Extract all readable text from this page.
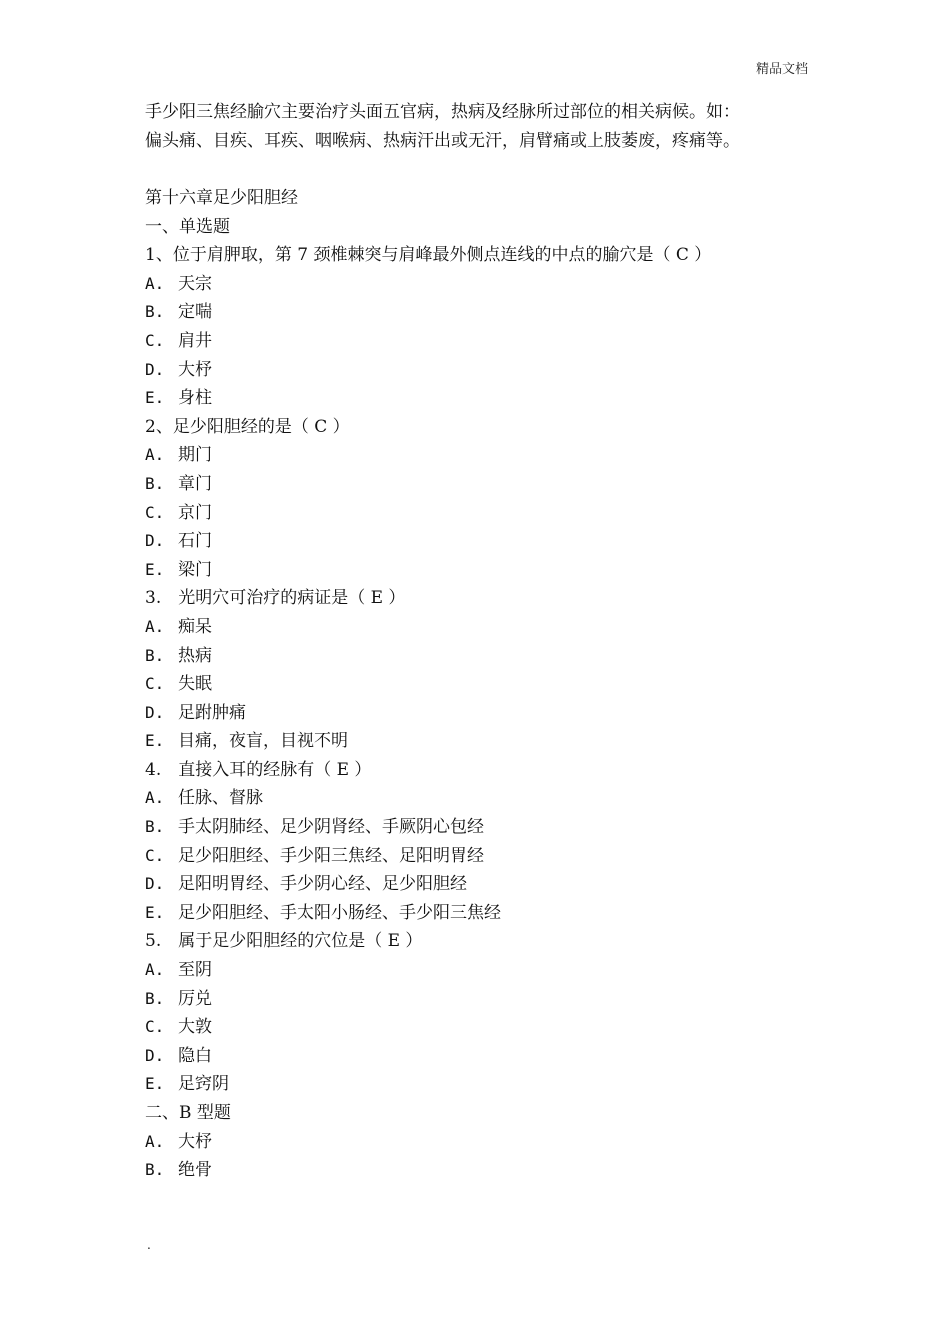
精品文档

手少阳三焦经腧穴主要治疗头面五官病，热病及经脉所过部位的相关病候。如：

偏头痛、目疾、耳疾、咽喉病、热病汗出或无汗，肩臂痛或上肢萎废，疼痛等。

第十六章足少阳胆经
一、单选题
1、位于肩胛取，第 7 颈椎棘突与肩峰最外侧点连线的中点的腧穴是（ C ）
A. 天宗
B. 定喘
C. 肩井
D. 大杼
E. 身柱
2、足少阳胆经的是（ C ）
A. 期门
B. 章门
C. 京门
D. 石门
E. 梁门
3.　光明穴可治疗的病证是（ E ）
A. 痴呆
B. 热病
C. 失眠
D. 足跗肿痛
E. 目痛，夜盲，目视不明
4.　直接入耳的经脉有（ E ）
A. 任脉、督脉
B. 手太阴肺经、足少阴肾经、手厥阴心包经
C. 足少阳胆经、手少阳三焦经、足阳明胃经
D. 足阳明胃经、手少阴心经、足少阳胆经
E. 足少阳胆经、手太阳小肠经、手少阳三焦经
5.　属于足少阳胆经的穴位是（ E ）
A. 至阴
B. 厉兑
C. 大敦
D. 隐白
E. 足窍阴
二、B 型题
A. 大杼
B. 绝骨
.
